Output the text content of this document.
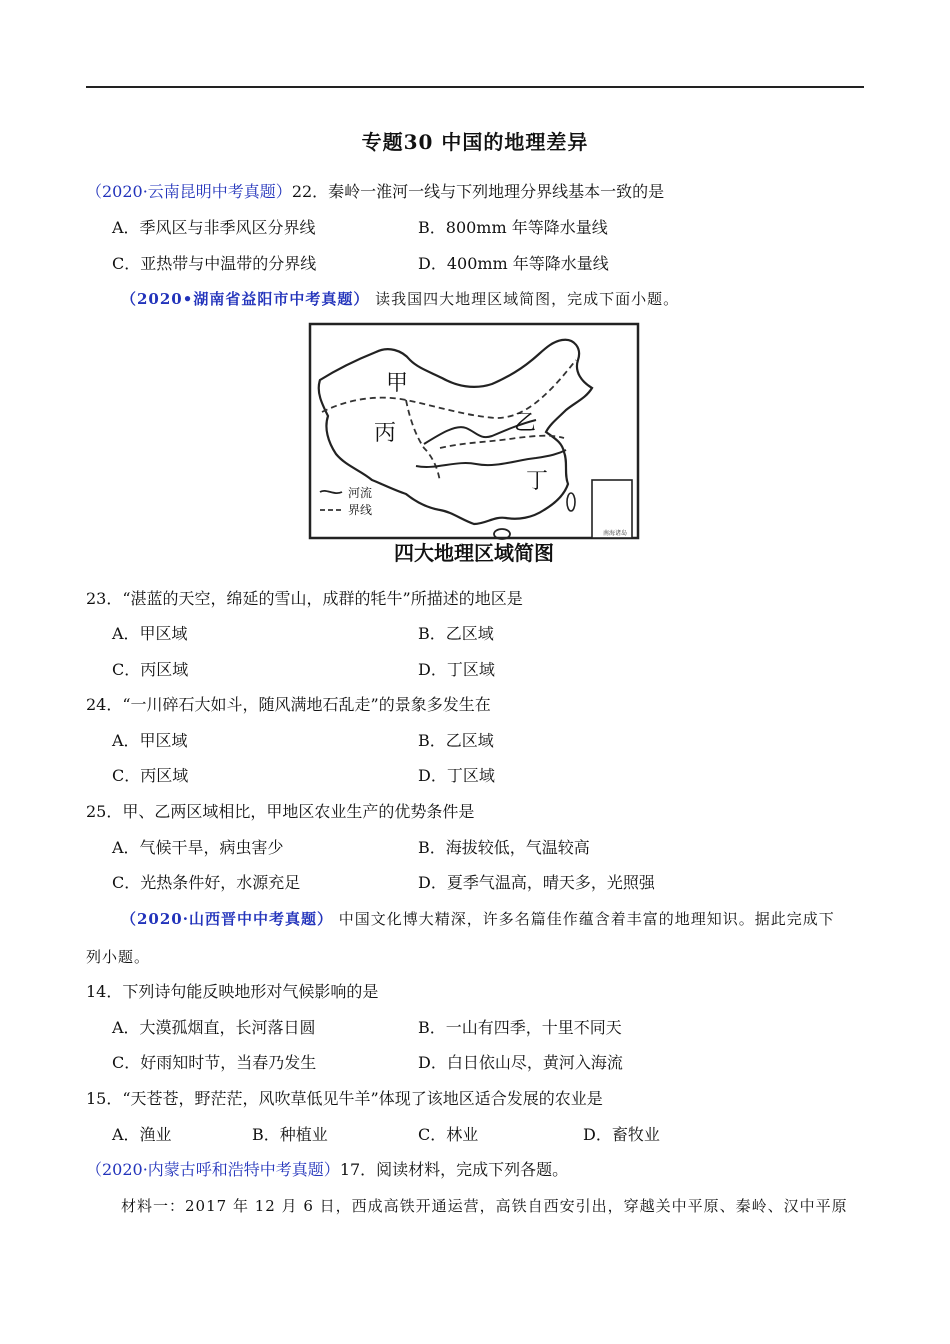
专题30 中国的地理差异
（2020·云南昆明中考真题）22．秦岭一淮河一线与下列地理分界线基本一致的是
A．季风区与非季风区分界线	B．800mm 年等降水量线
C．亚热带与中温带的分界线	D．400mm 年等降水量线
（2020•湖南省益阳市中考真题） 读我国四大地理区域简图，完成下面小题。
南海诸岛
甲
乙
丙
丁
河流
界线
四大地理区域简图
23．“湛蓝的天空，绵延的雪山，成群的牦牛”所描述的地区是
A．甲区域	B．乙区域
C．丙区域	D．丁区域
24．“一川碎石大如斗，随风满地石乱走”的景象多发生在
A．甲区域	B．乙区域
C．丙区域	D．丁区域
25．甲、乙两区域相比，甲地区农业生产的优势条件是
A．气候干旱，病虫害少	B．海拔较低，气温较高
C．光热条件好，水源充足	D．夏季气温高，晴天多，光照强
（2020·山西晋中中考真题） 中国文化博大精深，许多名篇佳作蕴含着丰富的地理知识。据此完成下
列小题。
14．下列诗句能反映地形对气候影响的是
A．大漠孤烟直，长河落日圆	B．一山有四季，十里不同天
C．好雨知时节，当春乃发生	D．白日依山尽，黄河入海流
15．“天苍苍，野茫茫，风吹草低见牛羊”体现了该地区适合发展的农业是
A．渔业	B．种植业	C．林业	D．畜牧业
（2020·内蒙古呼和浩特中考真题）17．阅读材料，完成下列各题。
材料一：2017 年 12 月 6 日，西成高铁开通运营，高铁自西安引出，穿越关中平原、秦岭、汉中平原
